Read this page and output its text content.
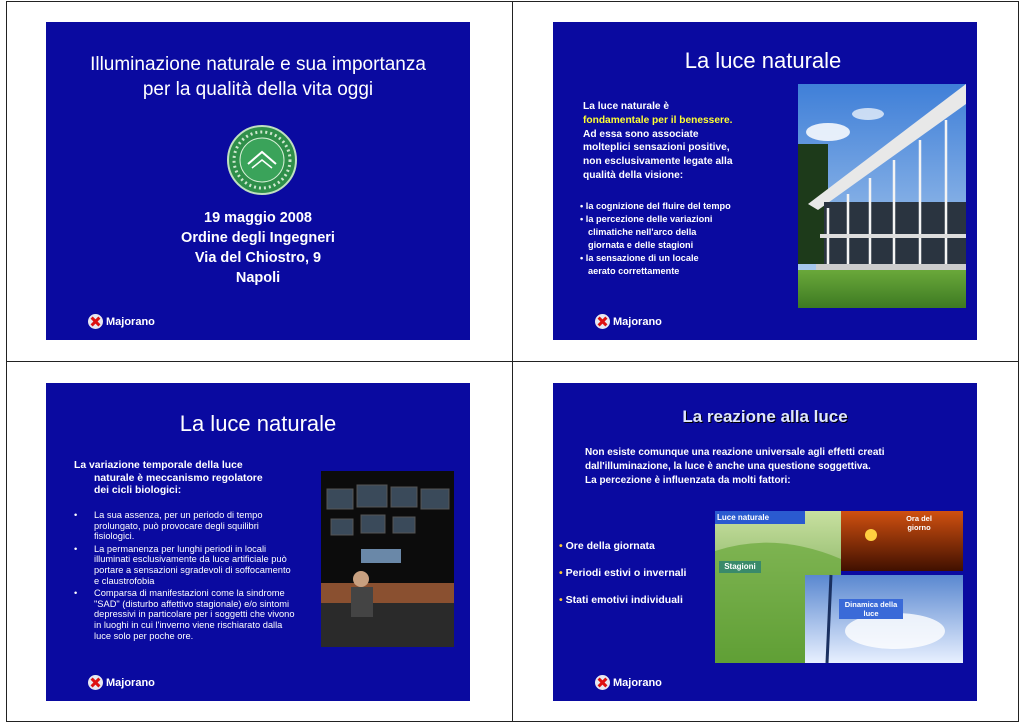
Illuminazione naturale e sua importanza
per la qualità della vita oggi
19 maggio 2008
Ordine degli Ingegneri
Via del Chiostro, 9
Napoli
Majorano
La luce naturale
La luce naturale è
fondamentale per il benessere.
Ad essa sono associate
molteplici sensazioni positive,
non esclusivamente legate alla
qualità della visione:
• la cognizione del fluire del tempo
• la percezione delle variazioni
climatiche nell'arco della
giornata e delle stagioni
• la sensazione di un locale
aerato correttamente
Majorano
La luce naturale
La variazione temporale della luce
naturale è meccanismo regolatore
dei cicli biologici:
•	La sua assenza, per un periodo di tempo prolungato, può provocare degli squilibri fisiologici.
•	La permanenza per lunghi periodi in locali illuminati esclusivamente da luce artificiale può portare a sensazioni sgradevoli di soffocamento e claustrofobia
•	Comparsa di manifestazioni come la sindrome "SAD" (disturbo affettivo stagionale) e/o sintomi depressivi in particolare per i soggetti che vivono in luoghi in cui l'inverno viene rischiarato dalla luce solo per poche ore.
Majorano
La reazione alla luce
Non esiste comunque una reazione universale agli effetti creati
dall'illuminazione, la luce è anche una questione soggettiva.
La percezione è influenzata da molti fattori:
• Ore della giornata
• Periodi estivi o invernali
• Stati emotivi individuali
Luce naturale	Ora del
giorno
Stagioni
Dinamica della
luce
Majorano
